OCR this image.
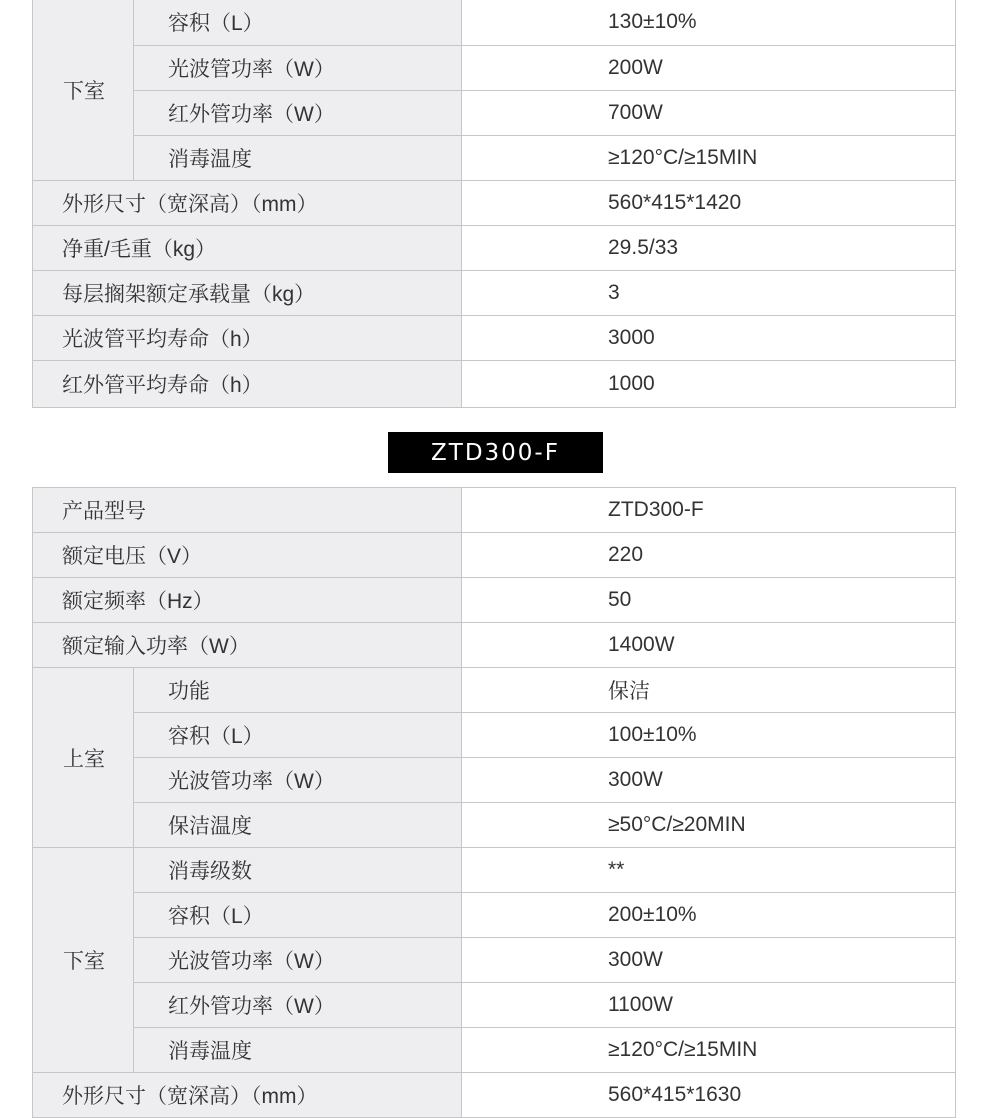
下室	容积（L）	130±10%
	光波管功率（W）	200W
	红外管功率（W）	700W
	消毒温度	≥120°C/≥15MIN
外形尺寸（宽深高）（mm）		560*415*1420
净重/毛重（kg）		29.5/33
每层搁架额定承载量（kg）		3
光波管平均寿命（h）		3000
红外管平均寿命（h）		1000
ZTD300-F
产品型号		ZTD300-F
额定电压（V）		220
额定频率（Hz）		50
额定输入功率（W）		1400W
上室	功能	保洁
	容积（L）	100±10%
	光波管功率（W）	300W
	保洁温度	≥50°C/≥20MIN
下室	消毒级数	**
	容积（L）	200±10%
	光波管功率（W）	300W
	红外管功率（W）	1100W
	消毒温度	≥120°C/≥15MIN
外形尺寸（宽深高）（mm）		560*415*1630
